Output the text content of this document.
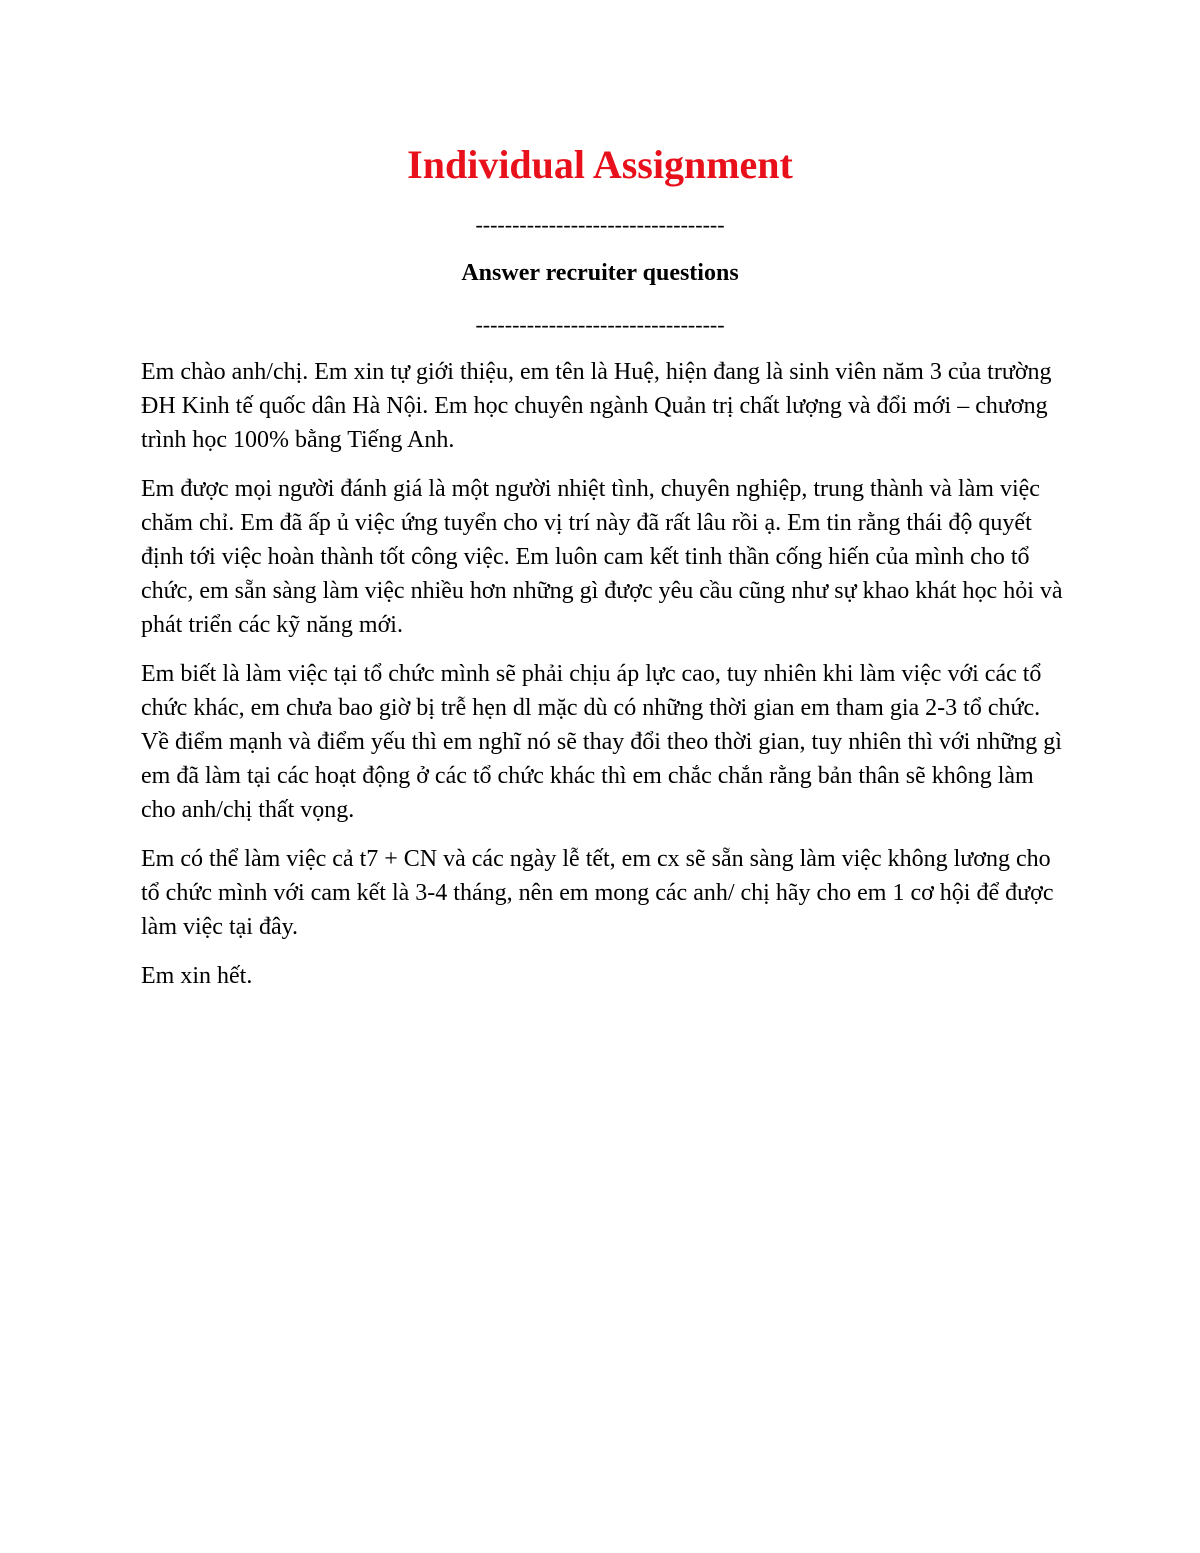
Individual Assignment
----------------------------------
Answer recruiter questions
----------------------------------

Em chào anh/chị. Em xin tự giới thiệu, em tên là Huệ, hiện đang là sinh viên năm 3 của trường ĐH Kinh tế quốc dân Hà Nội. Em học chuyên ngành Quản trị chất lượng và đổi mới – chương trình học 100% bằng Tiếng Anh.

Em được mọi người đánh giá là một người nhiệt tình, chuyên nghiệp, trung thành và làm việc chăm chỉ. Em đã ấp ủ việc ứng tuyển cho vị trí này đã rất lâu rồi ạ. Em tin rằng thái độ quyết định tới việc hoàn thành tốt công việc. Em luôn cam kết tinh thần cống hiến của mình cho tổ chức, em sẵn sàng làm việc nhiều hơn những gì được yêu cầu cũng như sự khao khát học hỏi và phát triển các kỹ năng mới.

Em biết là làm việc tại tổ chức mình sẽ phải chịu áp lực cao, tuy nhiên khi làm việc với các tổ chức khác, em chưa bao giờ bị trễ hẹn dl mặc dù có những thời gian em tham gia 2-3 tổ chức. Về điểm mạnh và điểm yếu thì em nghĩ nó sẽ thay đổi theo thời gian, tuy nhiên thì với những gì em đã làm tại các hoạt động ở các tổ chức khác thì em chắc chắn rằng bản thân sẽ không làm cho anh/chị thất vọng.

Em có thể làm việc cả t7 + CN và các ngày lễ tết, em cx sẽ sẵn sàng làm việc không lương cho tổ chức mình với cam kết là 3-4 tháng, nên em mong các anh/ chị hãy cho em 1 cơ hội để được làm việc tại đây.

Em xin hết.
